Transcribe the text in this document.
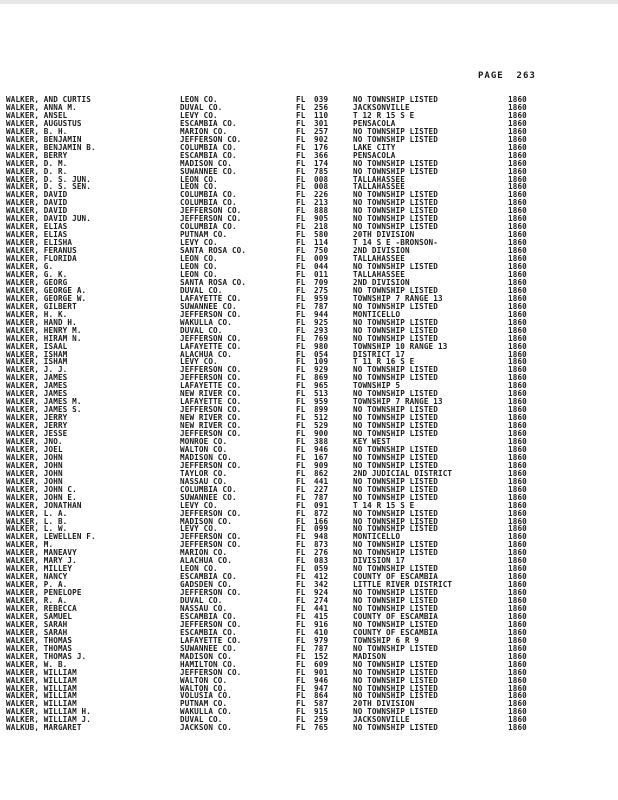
PAGE 263
WALKER, AND CURTIS	LEON CO.	FL	039	NO TOWNSHIP LISTED	1860
WALKER, ANNA M.	DUVAL CO.	FL	256	JACKSONVILLE	1860
WALKER, ANSEL	LEVY CO.	FL	110	T 12 R 15 S E	1860
WALKER, AUGUSTUS	ESCAMBIA CO.	FL	301	PENSACOLA	1860
WALKER, B. H.	MARION CO.	FL	257	NO TOWNSHIP LISTED	1860
WALKER, BENJAMIN	JEFFERSON CO.	FL	902	NO TOWNSHIP LISTED	1860
WALKER, BENJAMIN B.	COLUMBIA CO.	FL	176	LAKE CITY	1860
WALKER, BERRY	ESCAMBIA CO.	FL	366	PENSACOLA	1860
WALKER, D. M.	MADISON CO.	FL	174	NO TOWNSHIP LISTED	1860
WALKER, D. R.	SUWANNEE CO.	FL	785	NO TOWNSHIP LISTED	1860
WALKER, D. S. JUN.	LEON CO.	FL	008	TALLAHASSEE	1860
WALKER, D. S. SEN.	LEON CO.	FL	008	TALLAHASSEE	1860
WALKER, DAVID	COLUMBIA CO.	FL	226	NO TOWNSHIP LISTED	1860
WALKER, DAVID	COLUMBIA CO.	FL	213	NO TOWNSHIP LISTED	1860
WALKER, DAVID	JEFFERSON CO.	FL	888	NO TOWNSHIP LISTED	1860
WALKER, DAVID JUN.	JEFFERSON CO.	FL	905	NO TOWNSHIP LISTED	1860
WALKER, ELIAS	COLUMBIA CO.	FL	218	NO TOWNSHIP LISTED	1860
WALKER, ELIAS	PUTNAM CO.	FL	580	20TH DIVISION	1860
WALKER, ELISHA	LEVY CO.	FL	114	T 14 S E -BRONSON-	1860
WALKER, FERANUS	SANTA ROSA CO.	FL	750	2ND DIVISION	1860
WALKER, FLORIDA	LEON CO.	FL	009	TALLAHASSEE	1860
WALKER, G.	LEON CO.	FL	044	NO TOWNSHIP LISTED	1860
WALKER, G. K.	LEON CO.	FL	011	TALLAHASSEE	1860
WALKER, GEORG	SANTA ROSA CO.	FL	709	2ND DIVISION	1860
WALKER, GEORGE A.	DUVAL CO.	FL	275	NO TOWNSHIP LISTED	1860
WALKER, GEORGE W.	LAFAYETTE CO.	FL	959	TOWNSHIP 7 RANGE 13	1860
WALKER, GILBERT	SUWANNEE CO.	FL	787	NO TOWNSHIP LISTED	1860
WALKER, H. K.	JEFFERSON CO.	FL	944	MONTICELLO	1860
WALKER, HAND H.	WAKULLA CO.	FL	925	NO TOWNSHIP LISTED	1860
WALKER, HENRY M.	DUVAL CO.	FL	293	NO TOWNSHIP LISTED	1860
WALKER, HIRAM N.	JEFFERSON CO.	FL	769	NO TOWNSHIP LISTED	1860
WALKER, ISAAL	LAFAYETTE CO.	FL	980	TOWNSHIP 10 RANGE 13	1860
WALKER, ISHAM	ALACHUA CO.	FL	054	DISTRICT 17	1860
WALKER, ISHAM	LEVY CO.	FL	109	T 11 R 16 S E	1860
WALKER, J. J.	JEFFERSON CO.	FL	929	NO TOWNSHIP LISTED	1860
WALKER, JAMES	JEFFERSON CO.	FL	869	NO TOWNSHIP LISTED	1860
WALKER, JAMES	LAFAYETTE CO.	FL	965	TOWNSHIP 5	1860
WALKER, JAMES	NEW RIVER CO.	FL	513	NO TOWNSHIP LISTED	1860
WALKER, JAMES M.	LAFAYETTE CO.	FL	959	TOWNSHIP 7 RANGE 13	1860
WALKER, JAMES S.	JEFFERSON CO.	FL	899	NO TOWNSHIP LISTED	1860
WALKER, JERRY	NEW RIVER CO.	FL	512	NO TOWNSHIP LISTED	1860
WALKER, JERRY	NEW RIVER CO.	FL	529	NO TOWNSHIP LISTED	1860
WALKER, JESSE	JEFFERSON CO.	FL	900	NO TOWNSHIP LISTED	1860
WALKER, JNO.	MONROE CO.	FL	388	KEY WEST	1860
WALKER, JOEL	WALTON CO.	FL	946	NO TOWNSHIP LISTED	1860
WALKER, JOHN	MADISON CO.	FL	167	NO TOWNSHIP LISTED	1860
WALKER, JOHN	JEFFERSON CO.	FL	909	NO TOWNSHIP LISTED	1860
WALKER, JOHN	TAYLOR CO.	FL	862	2ND JUDICIAL DISTRICT	1860
WALKER, JOHN	NASSAU CO.	FL	441	NO TOWNSHIP LISTED	1860
WALKER, JOHN C.	COLUMBIA CO.	FL	227	NO TOWNSHIP LISTED	1860
WALKER, JOHN E.	SUWANNEE CO.	FL	787	NO TOWNSHIP LISTED	1860
WALKER, JONATHAN	LEVY CO.	FL	091	T 14 R 15 S E	1860
WALKER, L. A.	JEFFERSON CO.	FL	872	NO TOWNSHIP LISTED	1860
WALKER, L. B.	MADISON CO.	FL	166	NO TOWNSHIP LISTED	1860
WALKER, L. W.	LEVY CO.	FL	099	NO TOWNSHIP LISTED	1860
WALKER, LEWELLEN F.	JEFFERSON CO.	FL	948	MONTICELLO	1860
WALKER, M.	JEFFERSON CO.	FL	873	NO TOWNSHIP LISTED	1860
WALKER, MANEAVY	MARION CO.	FL	276	NO TOWNSHIP LISTED	1860
WALKER, MARY J.	ALACHUA CO.	FL	083	DIVISION 17	1860
WALKER, MILLEY	LEON CO.	FL	059	NO TOWNSHIP LISTED	1860
WALKER, NANCY	ESCAMBIA CO.	FL	412	COUNTY OF ESCAMBIA	1860
WALKER, P. A.	GADSDEN CO.	FL	342	LITTLE RIVER DISTRICT	1860
WALKER, PENELOPE	JEFFERSON CO.	FL	924	NO TOWNSHIP LISTED	1860
WALKER, R. A.	DUVAL CO.	FL	274	NO TOWNSHIP LISTED	1860
WALKER, REBECCA	NASSAU CO.	FL	441	NO TOWNSHIP LISTED	1860
WALKER, SAMUEL	ESCAMBIA CO.	FL	415	COUNTY OF ESCAMBIA	1860
WALKER, SARAH	JEFFERSON CO.	FL	916	NO TOWNSHIP LISTED	1860
WALKER, SARAH	ESCAMBIA CO.	FL	410	COUNTY OF ESCAMBIA	1860
WALKER, THOMAS	LAFAYETTE CO.	FL	979	TOWNSHIP 6 R 9	1860
WALKER, THOMAS	SUWANNEE CO.	FL	787	NO TOWNSHIP LISTED	1860
WALKER, THOMAS J.	MADISON CO.	FL	152	MADISON	1860
WALKER, W. B.	HAMILTON CO.	FL	609	NO TOWNSHIP LISTED	1860
WALKER, WILLIAM	JEFFERSON CO.	FL	901	NO TOWNSHIP LISTED	1860
WALKER, WILLIAM	WALTON CO.	FL	946	NO TOWNSHIP LISTED	1860
WALKER, WILLIAM	WALTON CO.	FL	947	NO TOWNSHIP LISTED	1860
WALKER, WILLIAM	VOLUSIA CO.	FL	864	NO TOWNSHIP LISTED	1860
WALKER, WILLIAM	PUTNAM CO.	FL	587	20TH DIVISION	1860
WALKER, WILLIAM H.	WAKULLA CO.	FL	915	NO TOWNSHIP LISTED	1860
WALKER, WILLIAM J.	DUVAL CO.	FL	259	JACKSONVILLE	1860
WALKUB, MARGARET	JACKSON CO.	FL	765	NO TOWNSHIP LISTED	1860
